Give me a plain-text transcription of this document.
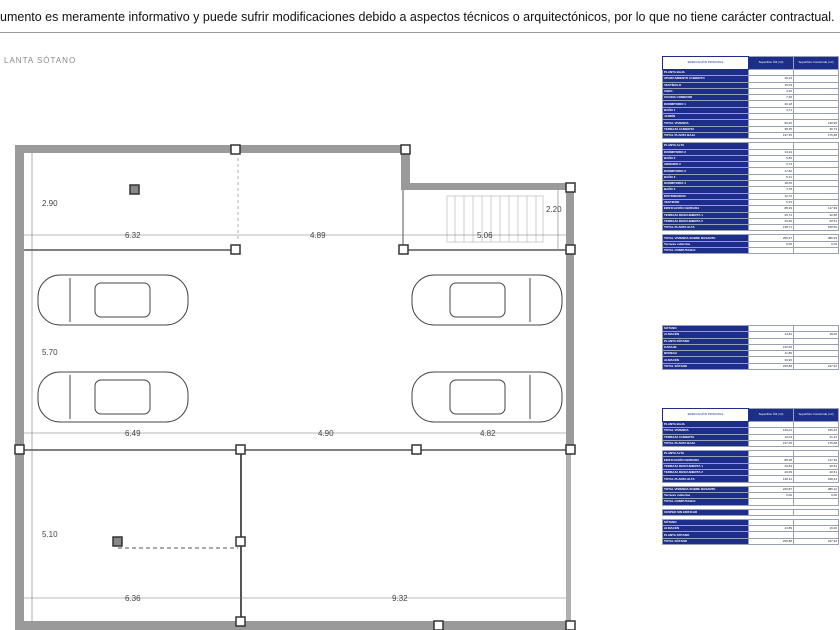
umento es meramente informativo y puede sufrir modificaciones debido a aspectos técnicos o arquitectónicos, por lo que no tiene carácter contractual.
LANTA SÓTANO
2.90
6.32	4.89	5.06
2.20
5.70
6.49	4.90	4.82
5.10
6.36	9.32
EDIFICACIÓN PRINCIPAL	Superficie Útil (m²)	Superficie Construida (m²)
PLANTA BAJA		
APARCAMIENTO CUBIERTO	46,33	
VESTÍBULO	15,03	
ASEO	3,20	
COCINA COMEDOR	7,36	
DORMITORIO 1	20,18	
BAÑO 1	4,71	
JARDÍN		
TOTAL VIVIENDA	99,20	138,95
TERRAZA CUBIERTA	38,35	36,73
TOTAL PLANTA BAJA	137,55	175,68

PLANTA ALTA		
DORMITORIO 2	13,24	
BAÑO 2	5,82	
ARMARIO 2	3,74	
DORMITORIO 3	17,82	
BAÑO 3	5,31	
DORMITORIO 4	18,05	
BAÑO 4	4,78	
DISTRIBUIDOR	12,72	
VESTIDOR	6,91	
EDIFICACIÓN CERRADA	88,39	117,39
TERRAZA DESCUBIERTA 1	29,72	30,58
TERRAZA DESCUBIERTA 2	20,60	20,51
TOTAL PLANTA ALTA	138,71	168,50

TOTAL VIVIENDA SOBRE RASANTE	256,97	386,93
Terrazas cubiertas	0,00	0,00
TOTAL COMPUTABLE		
SÓTANO		
ALMACÉN	14,81	18,00
PLANTA SÓTANO		
GARAJE	132,06	
BODEGA	11,89	
ALMACÉN	30,96	
TOTAL SÓTANO	229,88	247,92
EDIFICACIÓN PRINCIPAL	Superficie Útil (m²)	Superficie Construida (m²)
PLANTA BAJA		
TOTAL VIVIENDA	125,01	155,44
TERRAZA CUBIERTA	12,04	21,24
TOTAL PLANTA BAJA	137,05	175,68

PLANTA ALTA		
EDIFICACIÓN CERRADA	88,38	117,39
TERRAZA DESCUBIERTA 1	29,84	30,54
TERRAZA DESCUBIERTA 2	20,09	20,51
TOTAL PLANTA ALTA	138,31	168,44

TOTAL VIVIENDA SOBRE RASANTE	249,87	386,12
Terrazas cubiertas	0,00	0,00
TOTAL COMPUTABLE		

CESPED SIN EDIFICAR		

SÓTANO		
ALMACÉN	13,89	16,00
PLANTA SÓTANO		
TOTAL SÓTANO	229,88	247,92
